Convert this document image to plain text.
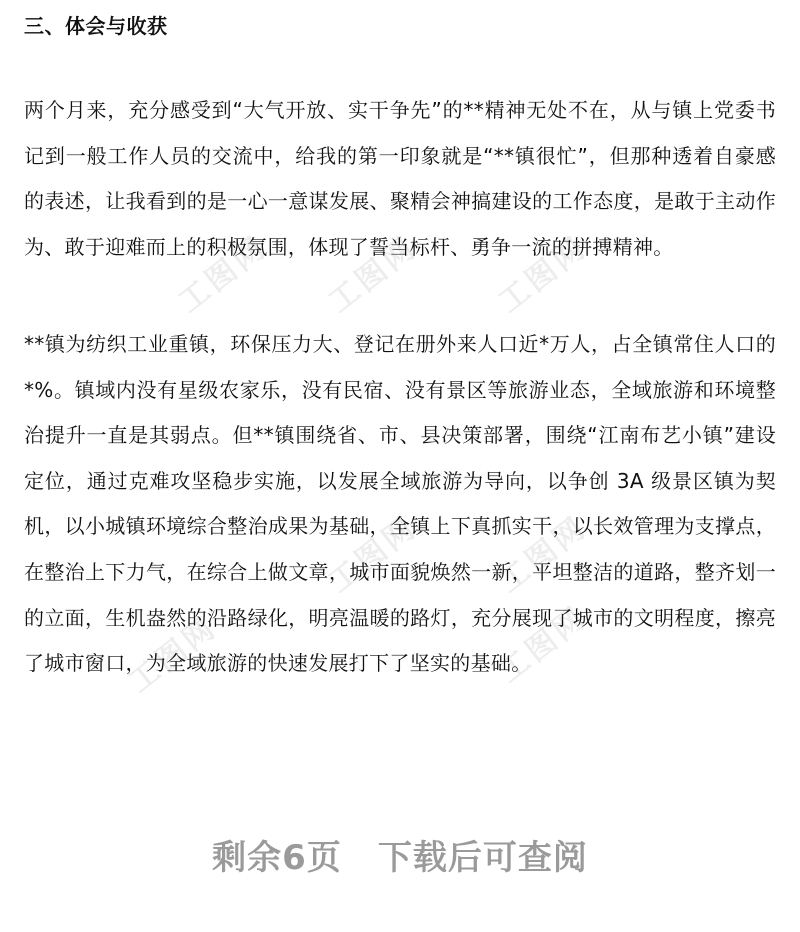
工图网 工图网 工图网
工图网 工图网
工图网	工图网
三、体会与收获
两个月来，充分感受到“大气开放、实干争先”的**精神无处不在，从与镇上党委书记到一般工作人员的交流中，给我的第一印象就是“**镇很忙”，但那种透着自豪感的表述，让我看到的是一心一意谋发展、聚精会神搞建设的工作态度，是敢于主动作为、敢于迎难而上的积极氛围，体现了誓当标杆、勇争一流的拼搏精神。
**镇为纺织工业重镇，环保压力大、登记在册外来人口近*万人，占全镇常住人口的*%。镇域内没有星级农家乐，没有民宿、没有景区等旅游业态，全域旅游和环境整治提升一直是其弱点。但**镇围绕省、市、县决策部署，围绕“江南布艺小镇”建设定位，通过克难攻坚稳步实施，以发展全域旅游为导向，以争创 3A 级景区镇为契机，以小城镇环境综合整治成果为基础，全镇上下真抓实干，以长效管理为支撑点，在整治上下力气，在综合上做文章，城市面貌焕然一新，平坦整洁的道路，整齐划一的立面，生机盎然的沿路绿化，明亮温暖的路灯，充分展现了城市的文明程度，擦亮了城市窗口，为全域旅游的快速发展打下了坚实的基础。
剩余6页 下载后可查阅
